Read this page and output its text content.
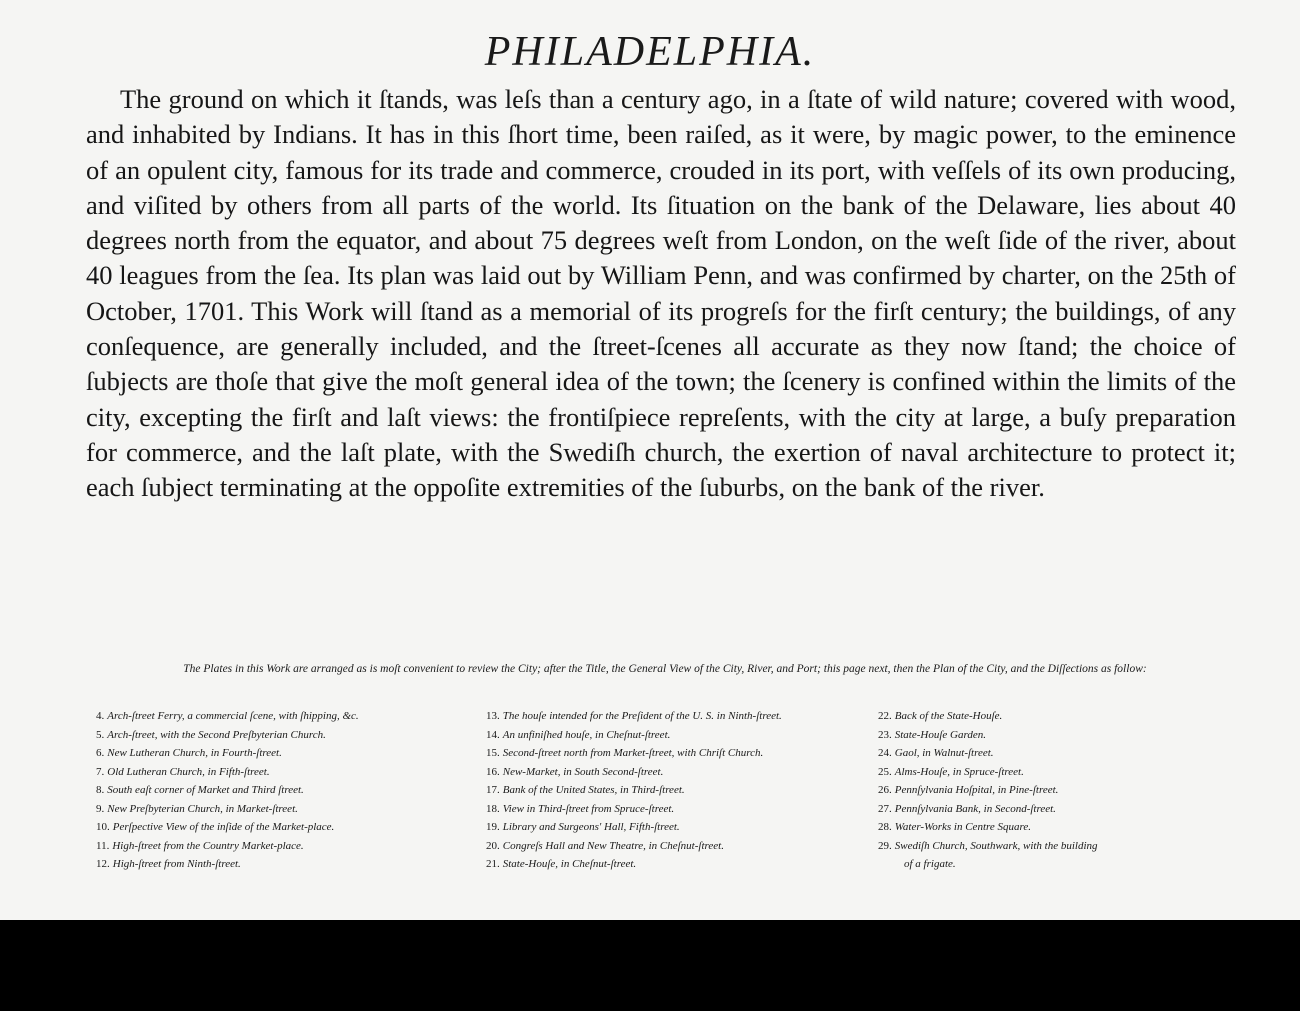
PHILADELPHIA.

The ground on which it ſtands, was leſs than a century ago, in a ſtate of wild nature; covered with wood, and inhabited by Indians. It has in this ſhort time, been raiſed, as it were, by magic power, to the eminence of an opulent city, famous for its trade and commerce, crouded in its port, with veſſels of its own producing, and viſited by others from all parts of the world. Its ſituation on the bank of the Delaware, lies about 40 degrees north from the equator, and about 75 degrees weſt from London, on the weſt ſide of the river, about 40 leagues from the ſea. Its plan was laid out by William Penn, and was confirmed by charter, on the 25th of October, 1701. This Work will ſtand as a memorial of its progreſs for the firſt century; the buildings, of any conſequence, are generally included, and the ſtreet-ſcenes all accurate as they now ſtand; the choice of ſubjects are thoſe that give the moſt general idea of the town; the ſcenery is confined within the limits of the city, excepting the firſt and laſt views: the frontiſpiece repreſents, with the city at large, a buſy preparation for commerce, and the laſt plate, with the Swediſh church, the exertion of naval architecture to protect it; each ſubject terminating at the oppoſite extremities of the ſuburbs, on the bank of the river.

The Plates in this Work are arranged as is moſt convenient to review the City; after the Title, the General View of the City, River, and Port; this page next, then the Plan of the City, and the Diſſections as follow:
4. Arch-ſtreet Ferry, a commercial ſcene, with ſhipping, &c.
5. Arch-ſtreet, with the Second Preſbyterian Church.
6. New Lutheran Church, in Fourth-ſtreet.
7. Old Lutheran Church, in Fifth-ſtreet.
8. South eaſt corner of Market and Third ſtreet.
9. New Preſbyterian Church, in Market-ſtreet.
10. Perſpective View of the inſide of the Market-place.
11. High-ſtreet from the Country Market-place.
12. High-ſtreet from Ninth-ſtreet.
13. The houſe intended for the Preſident of the U. S. in Ninth-ſtreet.
14. An unfiniſhed houſe, in Cheſnut-ſtreet.
15. Second-ſtreet north from Market-ſtreet, with Chriſt Church.
16. New-Market, in South Second-ſtreet.
17. Bank of the United States, in Third-ſtreet.
18. View in Third-ſtreet from Spruce-ſtreet.
19. Library and Surgeons' Hall, Fifth-ſtreet.
20. Congreſs Hall and New Theatre, in Cheſnut-ſtreet.
21. State-Houſe, in Cheſnut-ſtreet.
22. Back of the State-Houſe.
23. State-Houſe Garden.
24. Gaol, in Walnut-ſtreet.
25. Alms-Houſe, in Spruce-ſtreet.
26. Pennſylvania Hoſpital, in Pine-ſtreet.
27. Pennſylvania Bank, in Second-ſtreet.
28. Water-Works in Centre Square.
29. Swediſh Church, Southwark, with the building
of a frigate.
